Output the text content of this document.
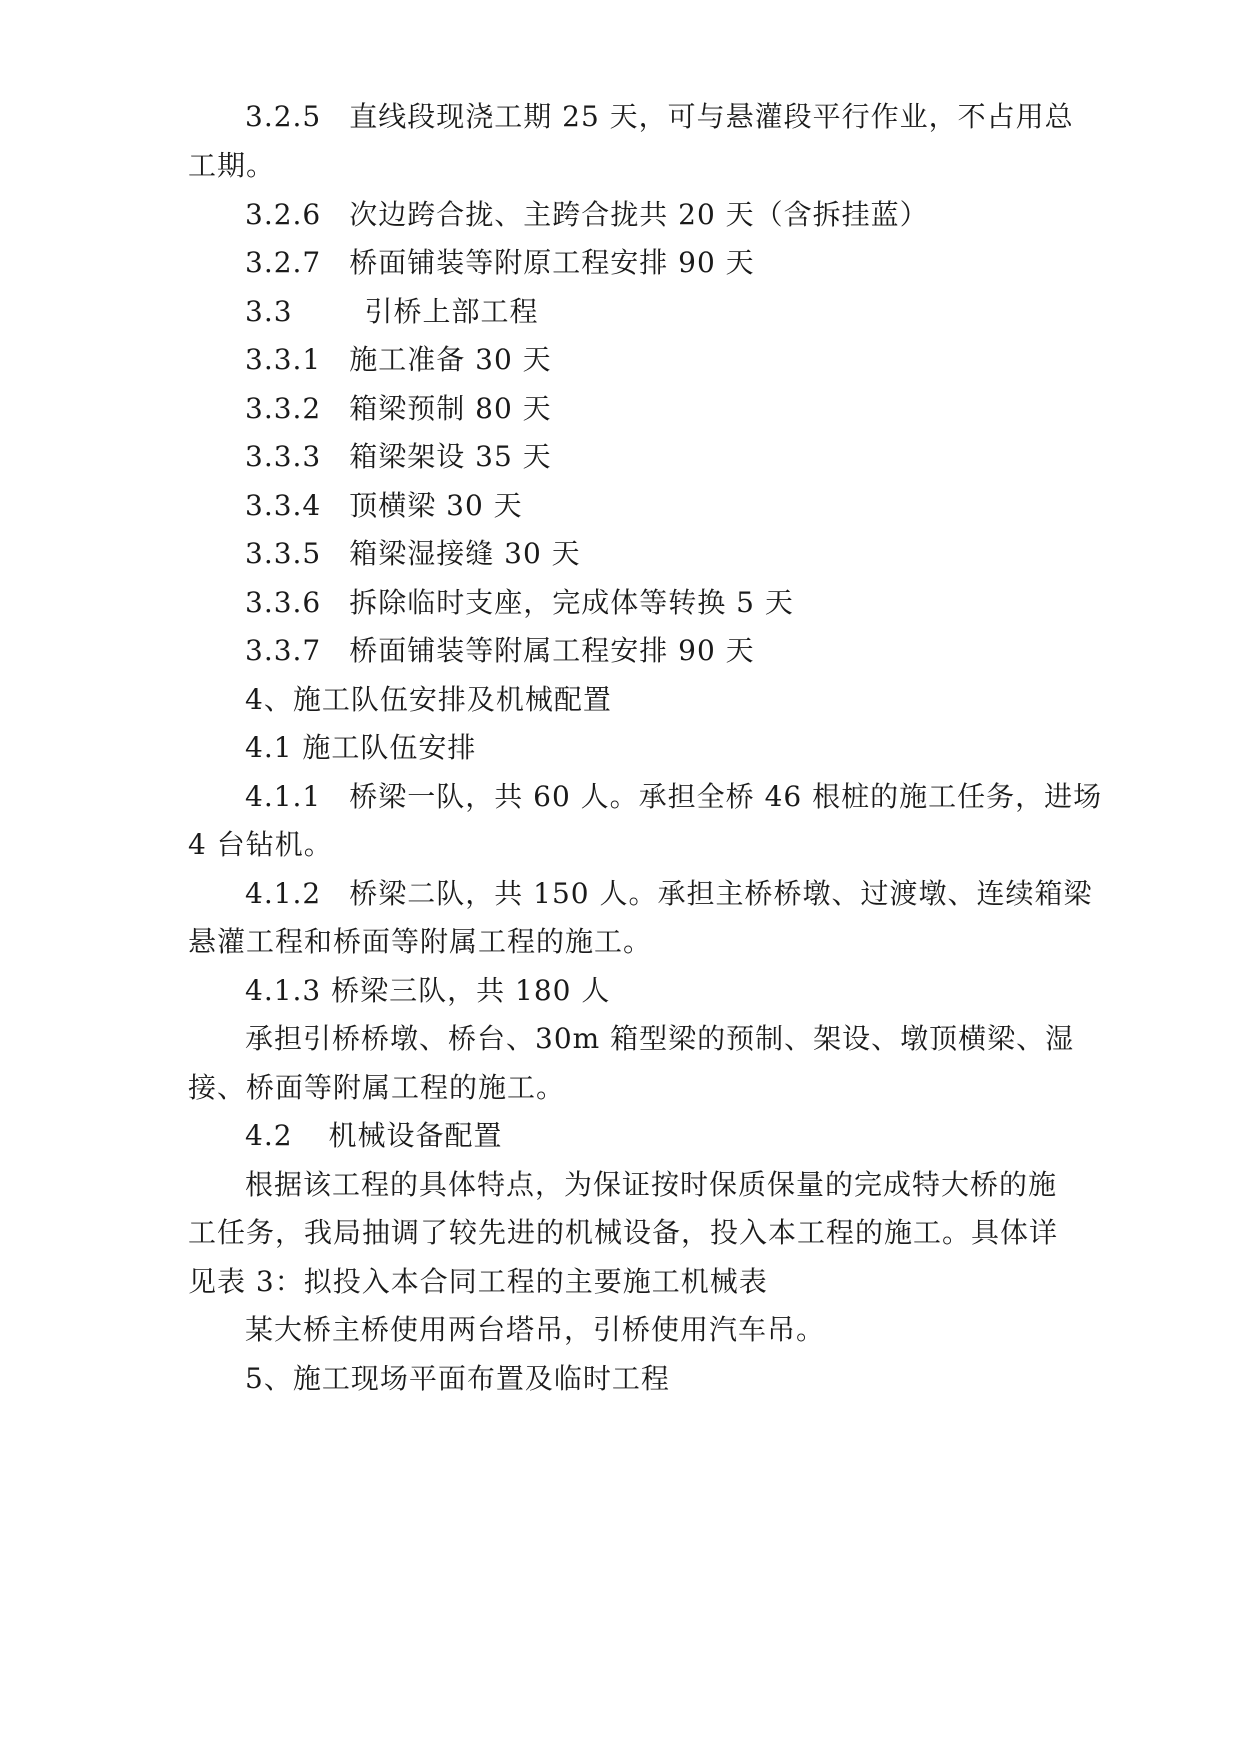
3.2.5 直线段现浇工期 25 天，可与悬灌段平行作业，不占用总
工期。
3.2.6 次边跨合拢、主跨合拢共 20 天（含拆挂蓝）
3.2.7 桥面铺装等附原工程安排 90 天
3.3	引桥上部工程
3.3.1 施工准备 30 天
3.3.2 箱梁预制 80 天
3.3.3 箱梁架设 35 天
3.3.4 顶横梁 30 天
3.3.5 箱梁湿接缝 30 天
3.3.6 拆除临时支座，完成体等转换 5 天
3.3.7 桥面铺装等附属工程安排 90 天
4、施工队伍安排及机械配置
4.1 施工队伍安排
4.1.1 桥梁一队，共 60 人。承担全桥 46 根桩的施工任务，进场
4 台钻机。
4.1.2 桥梁二队，共 150 人。承担主桥桥墩、过渡墩、连续箱梁
悬灌工程和桥面等附属工程的施工。
4.1.3 桥梁三队，共 180 人
承担引桥桥墩、桥台、30m 箱型梁的预制、架设、墩顶横梁、湿
接、桥面等附属工程的施工。
4.2 机械设备配置
根据该工程的具体特点，为保证按时保质保量的完成特大桥的施
工任务，我局抽调了较先进的机械设备，投入本工程的施工。具体详
见表 3：拟投入本合同工程的主要施工机械表
某大桥主桥使用两台塔吊，引桥使用汽车吊。
5、施工现场平面布置及临时工程
